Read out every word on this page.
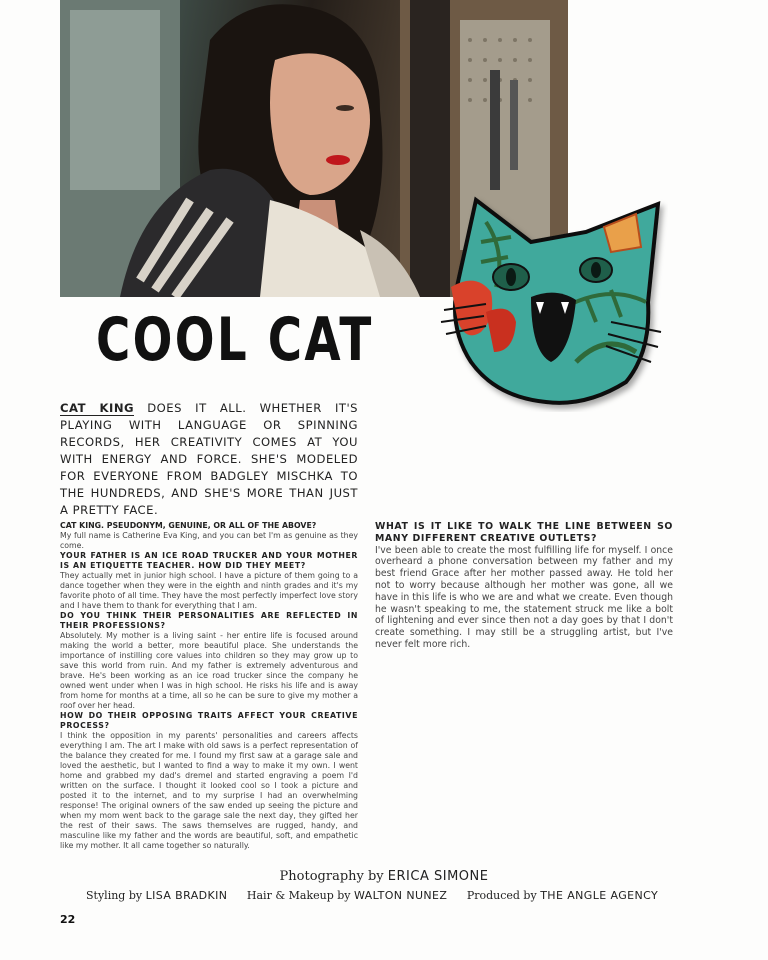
COOL CAT
CAT KING DOES IT ALL. WHETHER IT'S PLAYING WITH LANGUAGE OR SPINNING RECORDS, HER CREATIVITY COMES AT YOU WITH ENERGY AND FORCE. SHE'S MODELED FOR EVERYONE FROM BADGLEY MISCHKA TO THE HUNDREDS, AND SHE'S MORE THAN JUST A PRETTY FACE.

CAT KING. PSEUDONYM, GENUINE, OR ALL OF THE ABOVE?

My full name is Catherine Eva King, and you can bet I'm as genuine as they come.

YOUR FATHER IS AN ICE ROAD TRUCKER AND YOUR MOTHER IS AN ETIQUETTE TEACHER. HOW DID THEY MEET?

They actually met in junior high school. I have a picture of them going to a dance together when they were in the eighth and ninth grades and it's my favorite photo of all time. They have the most perfectly imperfect love story and I have them to thank for everything that I am.

DO YOU THINK THEIR PERSONALITIES ARE REFLECTED IN THEIR PROFESSIONS?

Absolutely. My mother is a living saint - her entire life is focused around making the world a better, more beautiful place. She understands the importance of instilling core values into children so they may grow up to save this world from ruin. And my father is extremely adventurous and brave. He's been working as an ice road trucker since the company he owned went under when I was in high school. He risks his life and is away from home for months at a time, all so he can be sure to give my mother a roof over her head.

HOW DO THEIR OPPOSING TRAITS AFFECT YOUR CREATIVE PROCESS?

I think the opposition in my parents' personalities and careers affects everything I am. The art I make with old saws is a perfect representation of the balance they created for me. I found my first saw at a garage sale and loved the aesthetic, but I wanted to find a way to make it my own. I went home and grabbed my dad's dremel and started engraving a poem I'd written on the surface. I thought it looked cool so I took a picture and posted it to the internet, and to my surprise I had an overwhelming response! The original owners of the saw ended up seeing the picture and when my mom went back to the garage sale the next day, they gifted her the rest of their saws. The saws themselves are rugged, handy, and masculine like my father and the words are beautiful, soft, and empathetic like my mother. It all came together so naturally.

WHAT IS IT LIKE TO WALK THE LINE BETWEEN SO MANY DIFFERENT CREATIVE OUTLETS?

I've been able to create the most fulfilling life for myself. I once overheard a phone conversation between my father and my best friend Grace after her mother passed away. He told her not to worry because although her mother was gone, all we have in this life is who we are and what we create. Even though he wasn't speaking to me, the statement struck me like a bolt of lightening and ever since then not a day goes by that I don't create something. I may still be a struggling artist, but I've never felt more rich.

Photography by ERICA SIMONE
Styling by LISA BRADKIN Hair & Makeup by WALTON NUNEZ Produced by THE ANGLE AGENCY
22
